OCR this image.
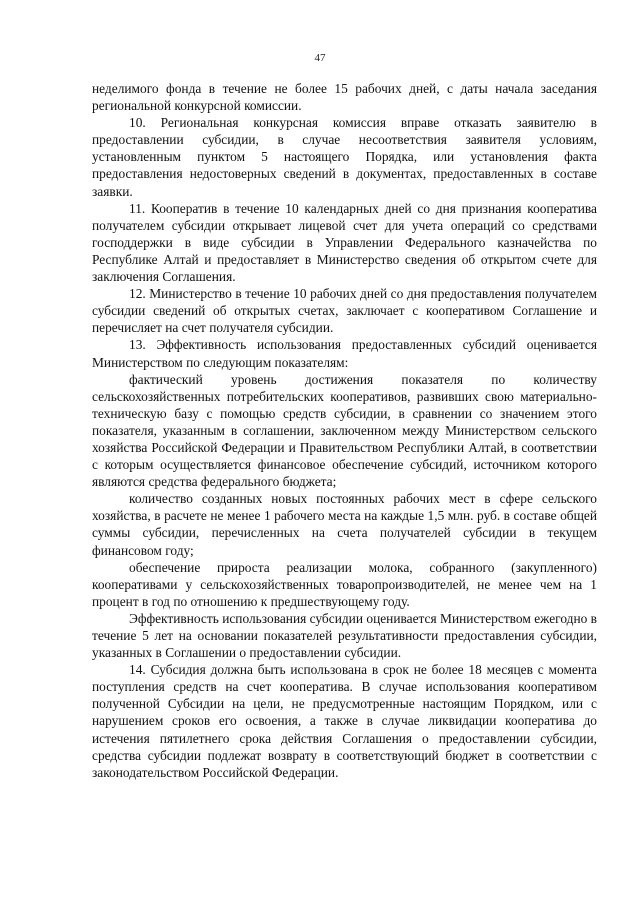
47

неделимого фонда в течение не более 15 рабочих дней, с даты начала заседания региональной конкурсной комиссии.

10. Региональная конкурсная комиссия вправе отказать заявителю в предоставлении субсидии, в случае несоответствия заявителя условиям, установленным пунктом 5 настоящего Порядка, или установления факта предоставления недостоверных сведений в документах, предоставленных в составе заявки.

11. Кооператив в течение 10 календарных дней со дня признания кооператива получателем субсидии открывает лицевой счет для учета операций со средствами господдержки в виде субсидии в Управлении Федерального казначейства по Республике Алтай и предоставляет в Министерство сведения об открытом счете для заключения Соглашения.

12. Министерство в течение 10 рабочих дней со дня предоставления получателем субсидии сведений об открытых счетах, заключает с кооперативом Соглашение и перечисляет на счет получателя субсидии.

13. Эффективность использования предоставленных субсидий оценивается Министерством по следующим показателям:

фактический уровень достижения показателя по количеству сельскохозяйственных потребительских кооперативов, развивших свою материально-техническую базу с помощью средств субсидии, в сравнении со значением этого показателя, указанным в соглашении, заключенном между Министерством сельского хозяйства Российской Федерации и Правительством Республики Алтай, в соответствии с которым осуществляется финансовое обеспечение субсидий, источником которого являются средства федерального бюджета;

количество созданных новых постоянных рабочих мест в сфере сельского хозяйства, в расчете не менее 1 рабочего места на каждые 1,5 млн. руб. в составе общей суммы субсидии, перечисленных на счета получателей субсидии в текущем финансовом году;

обеспечение прироста реализации молока, собранного (закупленного) кооперативами у сельскохозяйственных товаропроизводителей, не менее чем на 1 процент в год по отношению к предшествующему году.

Эффективность использования субсидии оценивается Министерством ежегодно в течение 5 лет на основании показателей результативности предоставления субсидии, указанных в Соглашении о предоставлении субсидии.

14. Субсидия должна быть использована в срок не более 18 месяцев с момента поступления средств на счет кооператива. В случае использования кооперативом полученной Субсидии на цели, не предусмотренные настоящим Порядком, или с нарушением сроков его освоения, а также в случае ликвидации кооператива до истечения пятилетнего срока действия Соглашения о предоставлении субсидии, средства субсидии подлежат возврату в соответствующий бюджет в соответствии с законодательством Российской Федерации.
